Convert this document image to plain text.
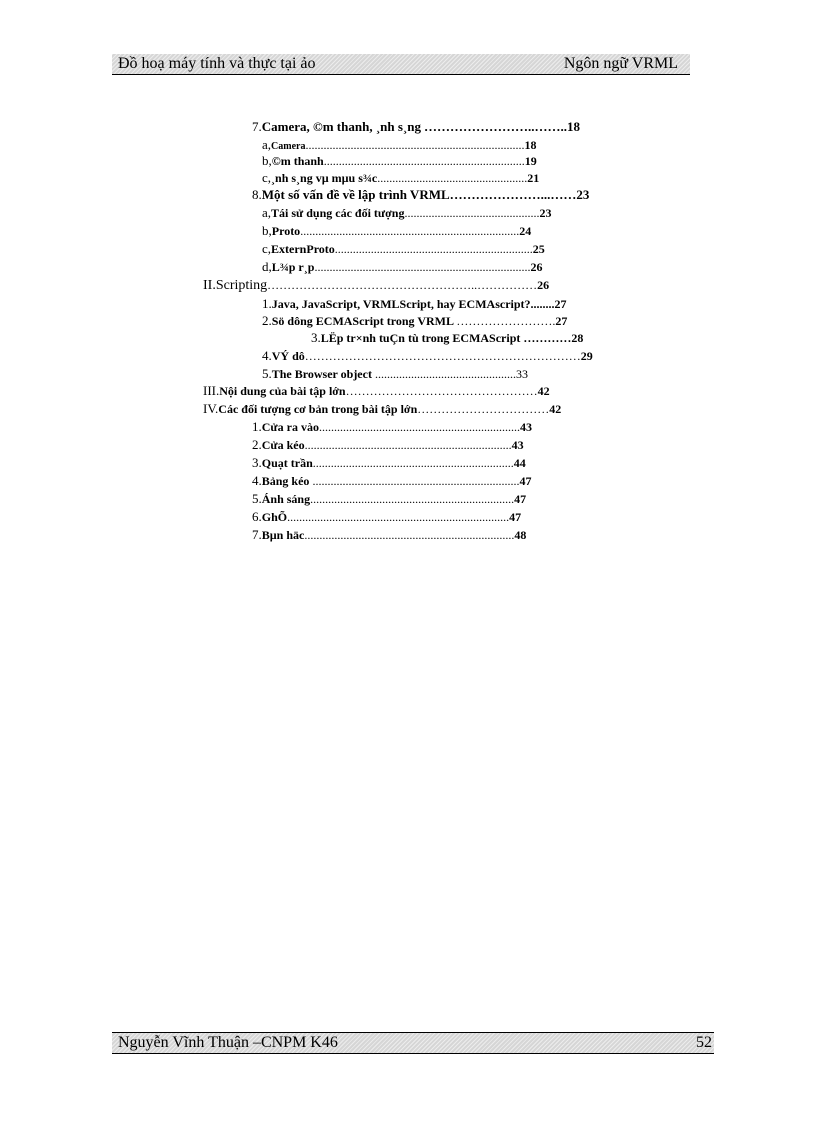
Đồ hoạ máy tính và thực tại ảo	Ngôn ngữ VRML
7.Camera, ©m thanh, ¸nh s¸ng ……………………..……..18
a,Camera.........................................................................18
b,©m thanh...................................................................19
c,¸nh s¸ng vµ mµu s¾c..................................................21
8.Một số vấn đề về lập trình VRML…………………...……23
a,Tái sử dụng các đối tượng.............................................23
b,Proto.........................................................................24
c,ExternProto..................................................................25
d,L¾p r¸p........................................................................26
II.Scripting……………………………………………..……………26
1.Java, JavaScript, VRMLScript, hay ECMAscript?........27
2.Sö dông ECMAScript trong VRML …………………….27
3.LËp tr×nh tuÇn tù trong ECMAScript …………28
4.VÝ dô……………………………………………………………29
5.The Browser object ...............................................33
III.Nội dung của bài tập lớn…………………………………………42
IV.Các đối tượng cơ bản trong bài tập lớn……………………………42
1.Cửa ra vào...................................................................43
2.Cửa kéo.....................................................................43
3.Quạt trần...................................................................44
4.Bảng kéo .....................................................................47
5.Ánh sáng....................................................................47
6.GhÕ..........................................................................47
7.Bµn häc......................................................................48
Nguyễn Vĩnh Thuận –CNPM K46	52
